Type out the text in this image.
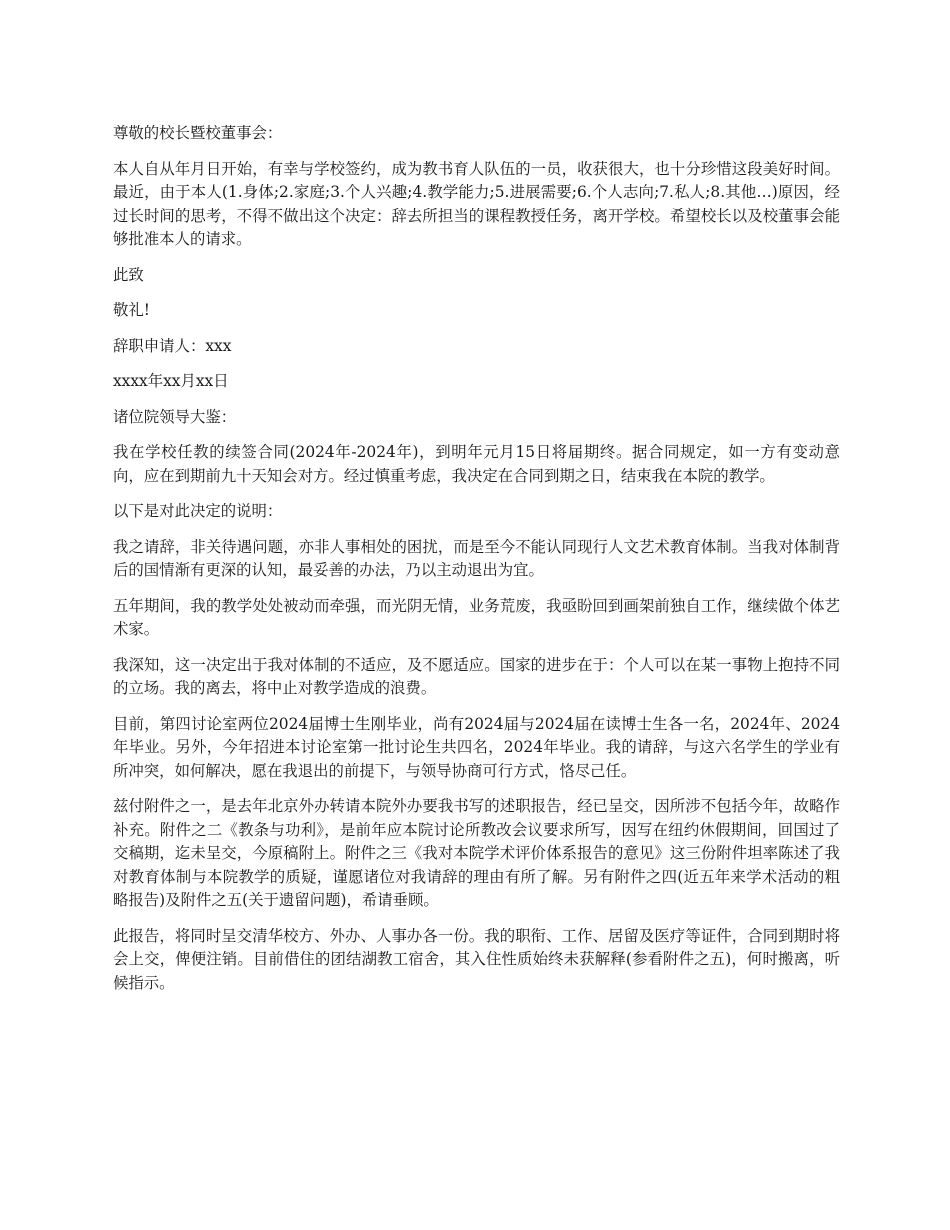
尊敬的校长暨校董事会：

本人自从年月日开始，有幸与学校签约，成为教书育人队伍的一员，收获很大，也十分珍惜这段美好时间。最近，由于本人(1.身体;2.家庭;3.个人兴趣;4.教学能力;5.进展需要;6.个人志向;7.私人;8.其他…)原因，经过长时间的思考，不得不做出这个决定：辞去所担当的课程教授任务，离开学校。希望校长以及校董事会能够批准本人的请求。

此致

敬礼!

辞职申请人：xxx

xxxx年xx月xx日

诸位院领导大鉴：

我在学校任教的续签合同(2024年-2024年)，到明年元月15日将届期终。据合同规定，如一方有变动意向，应在到期前九十天知会对方。经过慎重考虑，我决定在合同到期之日，结束我在本院的教学。

以下是对此决定的说明：

我之请辞，非关待遇问题，亦非人事相处的困扰，而是至今不能认同现行人文艺术教育体制。当我对体制背后的国情渐有更深的认知，最妥善的办法，乃以主动退出为宜。

五年期间，我的教学处处被动而牵强，而光阴无情，业务荒废，我亟盼回到画架前独自工作，继续做个体艺术家。

我深知，这一决定出于我对体制的不适应，及不愿适应。国家的进步在于：个人可以在某一事物上抱持不同的立场。我的离去，将中止对教学造成的浪费。

目前，第四讨论室两位2024届博士生刚毕业，尚有2024届与2024届在读博士生各一名，2024年、2024年毕业。另外，今年招进本讨论室第一批讨论生共四名，2024年毕业。我的请辞，与这六名学生的学业有所冲突，如何解决，愿在我退出的前提下，与领导协商可行方式，恪尽己任。

兹付附件之一，是去年北京外办转请本院外办要我书写的述职报告，经已呈交，因所涉不包括今年，故略作补充。附件之二《教条与功利》，是前年应本院讨论所教改会议要求所写，因写在纽约休假期间，回国过了交稿期，迄未呈交，今原稿附上。附件之三《我对本院学术评价体系报告的意见》这三份附件坦率陈述了我对教育体制与本院教学的质疑，谨愿诸位对我请辞的理由有所了解。另有附件之四(近五年来学术活动的粗略报告)及附件之五(关于遗留问题)，希请垂顾。

此报告，将同时呈交清华校方、外办、人事办各一份。我的职衔、工作、居留及医疗等证件，合同到期时将会上交，俾便注销。目前借住的团结湖教工宿舍，其入住性质始终未获解释(参看附件之五)，何时搬离，听候指示。
